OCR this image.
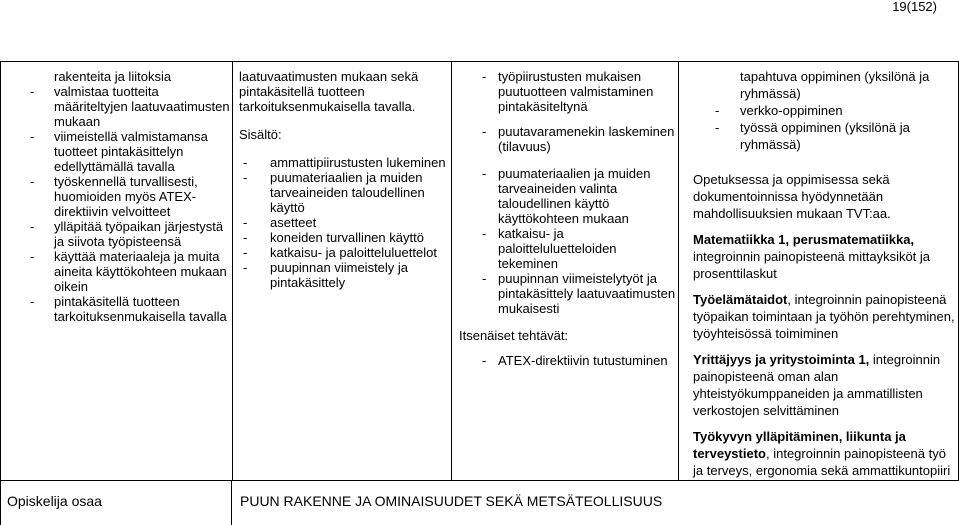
19(152)
rakenteita ja liitoksia
- valmistaa tuotteita määriteltyjen laatuvaatimusten mukaan
- viimeistellä valmistamansa tuotteet pintakäsittelyn edellyttämällä tavalla
- työskennellä turvallisesti, huomioiden myös ATEX-direktiivin velvoitteet
- ylläpitää työpaikan järjestystä ja siivota työpisteensä
- käyttää materiaaleja ja muita aineita käyttökohteen mukaan oikein
- pintakäsitellä tuotteen tarkoituksenmukaisella tavalla
laatuvaatimusten mukaan sekä pintakäsitellä tuotteen tarkoituksenmukaisella tavalla.
Sisältö:
- ammattipiirustusten lukeminen
- puumateriaalien ja muiden tarveaineiden taloudellinen käyttö
- asetteet
- koneiden turvallinen käyttö
- katkaisu- ja paloitteluluettelot
- puupinnan viimeistely ja pintakäsittely
- työpiirustusten mukaisen puutuotteen valmistaminen pintakäsiteltynä
- puutavaramenekin laskeminen (tilavuus)
- puumateriaalien ja muiden tarveaineiden valinta taloudellinen käyttö käyttökohteen mukaan
- katkaisu- ja paloitteluluetteloiden tekeminen
- puupinnan viimeistelytyöt ja pintakäsittely laatuvaatimusten mukaisesti
Itsenäiset tehtävät:
- ATEX-direktiivin tutustuminen
tapahtuva oppiminen (yksilönä ja ryhmässä)
- verkko-oppiminen
- työssä oppiminen (yksilönä ja ryhmässä)

Opetuksessa ja oppimisessa sekä dokumentoinnissa hyödynnetään mahdollisuuksien mukaan TVT:aa.

Matematiikka 1, perusmatematiikka, integroinnin painopisteenä mittayksiköt ja prosenttilaskut

Työelämätaidot, integroinnin painopisteenä työpaikan toimintaan ja työhön perehtyminen, työyhteisössä toimiminen

Yrittäjyys ja yritystoiminta 1, integroinnin painopisteenä oman alan yhteistyökumppaneiden ja ammatillisten verkostojen selvittäminen

Työkyvyn ylläpitäminen, liikunta ja
terveystieto, integroinnin painopisteenä työ ja terveys, ergonomia sekä ammattikuntopiiri

Opiskelija osaa	PUUN RAKENNE JA OMINAISUUDET SEKÄ METSÄTEOLLISUUS
